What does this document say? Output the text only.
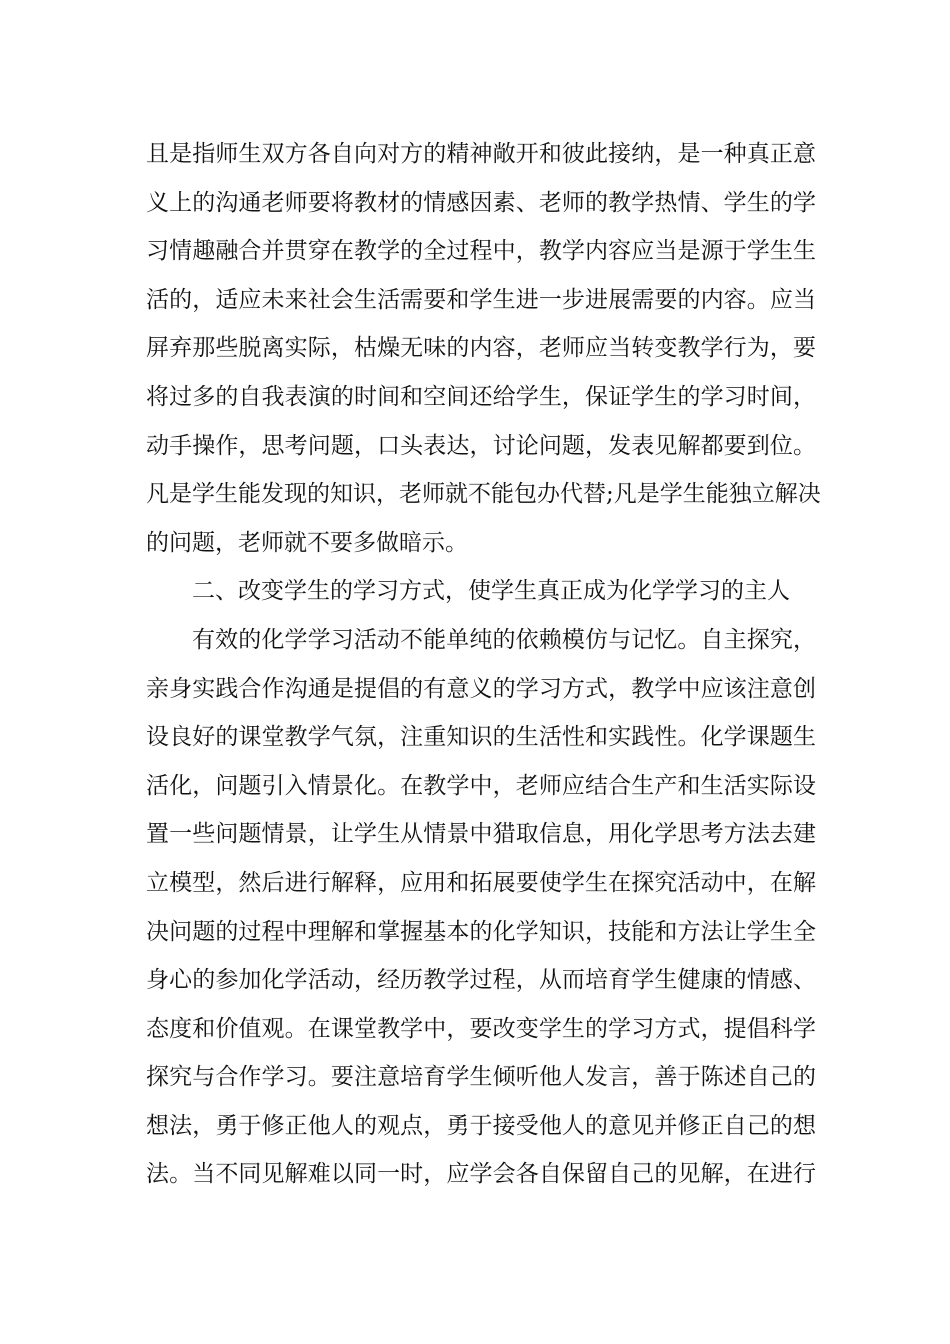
且是指师生双方各自向对方的精神敞开和彼此接纳，是一种真正意
义上的沟通老师要将教材的情感因素、老师的教学热情、学生的学
习情趣融合并贯穿在教学的全过程中，教学内容应当是源于学生生
活的，适应未来社会生活需要和学生进一步进展需要的内容。应当
屏弃那些脱离实际，枯燥无味的内容，老师应当转变教学行为，要
将过多的自我表演的时间和空间还给学生，保证学生的学习时间，
动手操作，思考问题，口头表达，讨论问题，发表见解都要到位。
凡是学生能发现的知识，老师就不能包办代替;凡是学生能独立解决
的问题，老师就不要多做暗示。
二、改变学生的学习方式，使学生真正成为化学学习的主人
有效的化学学习活动不能单纯的依赖模仿与记忆。自主探究，
亲身实践合作沟通是提倡的有意义的学习方式，教学中应该注意创
设良好的课堂教学气氛，注重知识的生活性和实践性。化学课题生
活化，问题引入情景化。在教学中，老师应结合生产和生活实际设
置一些问题情景，让学生从情景中猎取信息，用化学思考方法去建
立模型，然后进行解释，应用和拓展要使学生在探究活动中，在解
决问题的过程中理解和掌握基本的化学知识，技能和方法让学生全
身心的参加化学活动，经历教学过程，从而培育学生健康的情感、
态度和价值观。在课堂教学中，要改变学生的学习方式，提倡科学
探究与合作学习。要注意培育学生倾听他人发言，善于陈述自己的
想法，勇于修正他人的观点，勇于接受他人的意见并修正自己的想
法。当不同见解难以同一时，应学会各自保留自己的见解，在进行
